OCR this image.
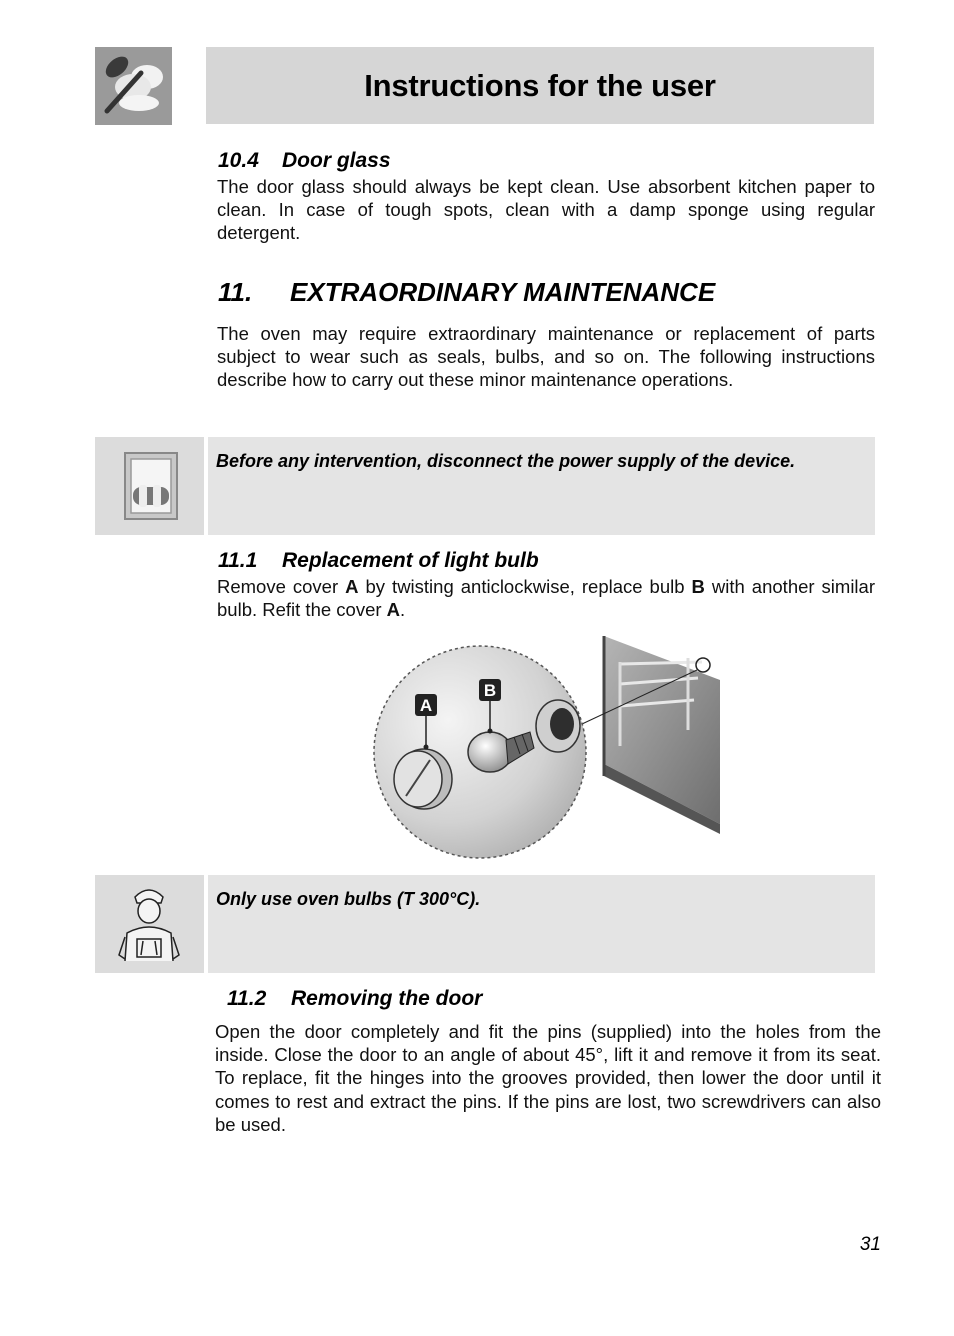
Instructions for the user
10.4 Door glass
The door glass should always be kept clean. Use absorbent kitchen paper to clean. In case of tough spots, clean with a damp sponge using regular detergent.
11. EXTRAORDINARY MAINTENANCE
The oven may require extraordinary maintenance or replacement of parts subject to wear such as seals, bulbs, and so on. The following instructions describe how to carry out these minor maintenance operations.
Before any intervention, disconnect the power supply of the device.
11.1 Replacement of light bulb
Remove cover A by twisting anticlockwise, replace bulb B with another similar bulb. Refit the cover A.
A
B
Only use oven bulbs (T 300°C).
11.2 Removing the door
Open the door completely and fit the pins (supplied) into the holes from the inside. Close the door to an angle of about 45°, lift it and remove it from its seat. To replace, fit the hinges into the grooves provided, then lower the door until it comes to rest and extract the pins. If the pins are lost, two screwdrivers can also be used.
31
